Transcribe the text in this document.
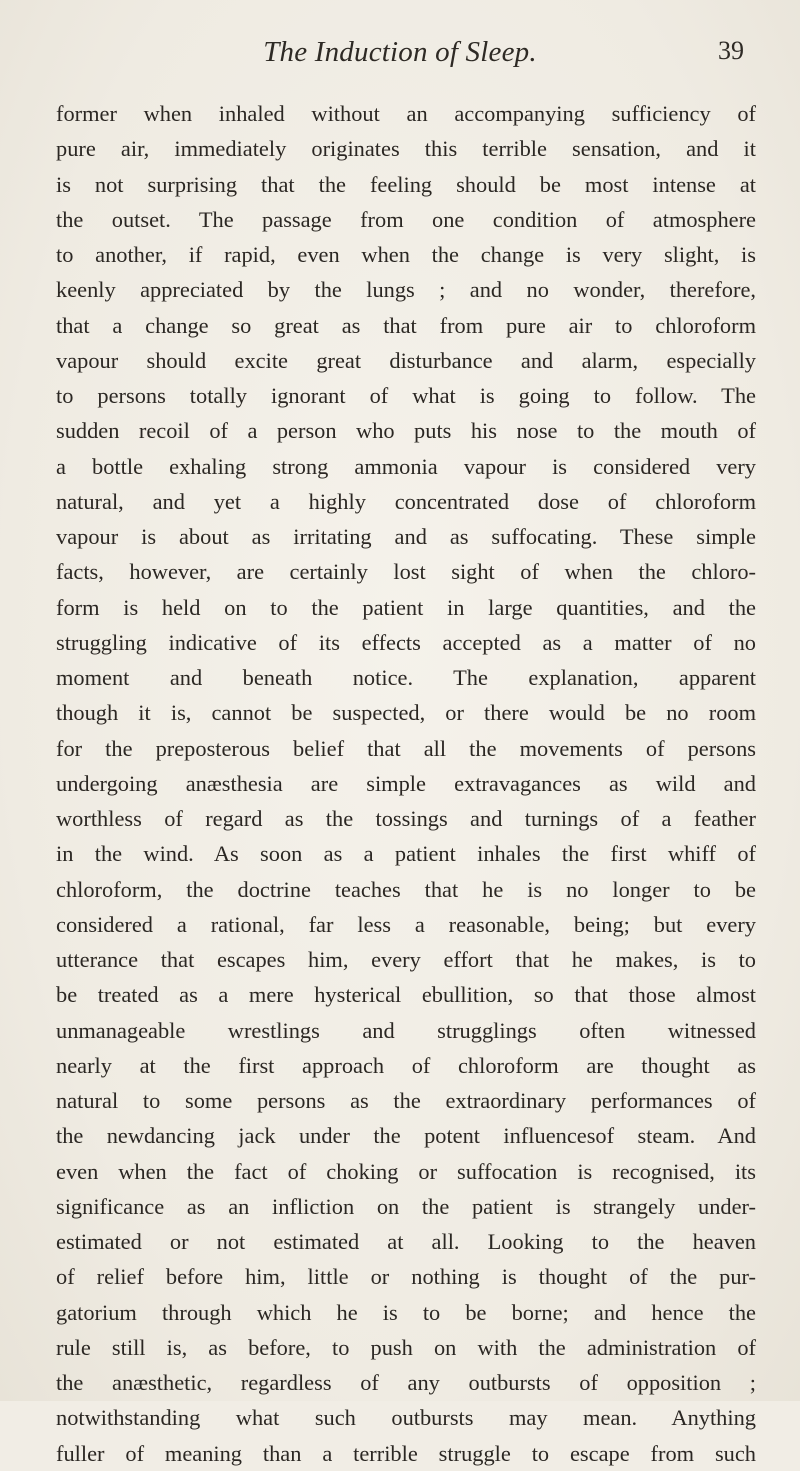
The Induction of Sleep.	39
former when inhaled without an accompanying sufficiency of
pure air, immediately originates this terrible sensation, and it
is not surprising that the feeling should be most intense at
the outset. The passage from one condition of atmosphere
to another, if rapid, even when the change is very slight, is
keenly appreciated by the lungs ; and no wonder, therefore,
that a change so great as that from pure air to chloroform
vapour should excite great disturbance and alarm, especially
to persons totally ignorant of what is going to follow. The
sudden recoil of a person who puts his nose to the mouth of
a bottle exhaling strong ammonia vapour is considered very
natural, and yet a highly concentrated dose of chloroform
vapour is about as irritating and as suffocating. These simple
facts, however, are certainly lost sight of when the chloro-
form is held on to the patient in large quantities, and the
struggling indicative of its effects accepted as a matter of no
moment and beneath notice. The explanation, apparent
though it is, cannot be suspected, or there would be no room
for the preposterous belief that all the movements of persons
undergoing anæsthesia are simple extravagances as wild and
worthless of regard as the tossings and turnings of a feather
in the wind. As soon as a patient inhales the first whiff of
chloroform, the doctrine teaches that he is no longer to be
considered a rational, far less a reasonable, being; but every
utterance that escapes him, every effort that he makes, is to
be treated as a mere hysterical ebullition, so that those almost
unmanageable wrestlings and strugglings often witnessed
nearly at the first approach of chloroform are thought as
natural to some persons as the extraordinary performances of
the newdancing jack under the potent influencesof steam. And
even when the fact of choking or suffocation is recognised, its
significance as an infliction on the patient is strangely under-
estimated or not estimated at all. Looking to the heaven
of relief before him, little or nothing is thought of the pur-
gatorium through which he is to be borne; and hence the
rule still is, as before, to push on with the administration of
the anæsthetic, regardless of any outbursts of opposition ;
notwithstanding what such outbursts may mean. Anything
fuller of meaning than a terrible struggle to escape from such
